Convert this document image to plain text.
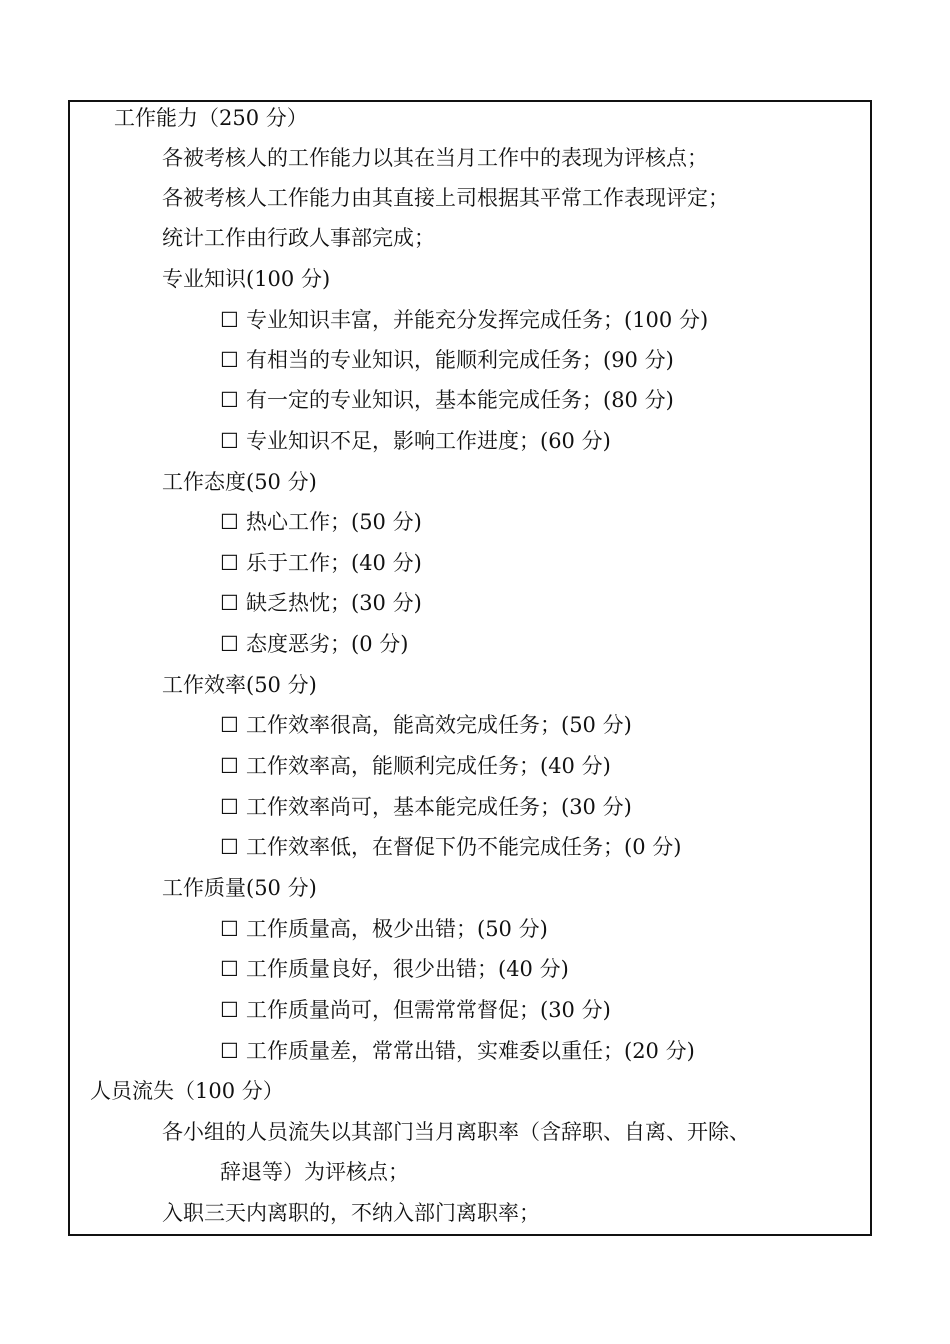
工作能力（250 分）
各被考核人的工作能力以其在当月工作中的表现为评核点；
各被考核人工作能力由其直接上司根据其平常工作表现评定；
统计工作由行政人事部完成；
专业知识(100 分)
☐ 专业知识丰富，并能充分发挥完成任务；(100 分)
☐ 有相当的专业知识，能顺利完成任务；(90 分)
☐ 有一定的专业知识，基本能完成任务；(80 分)
☐ 专业知识不足，影响工作进度；(60 分)
工作态度(50 分)
☐ 热心工作；(50 分)
☐ 乐于工作；(40 分)
☐ 缺乏热忱；(30 分)
☐ 态度恶劣；(0 分)
工作效率(50 分)
☐ 工作效率很高，能高效完成任务；(50 分)
☐ 工作效率高，能顺利完成任务；(40 分)
☐ 工作效率尚可，基本能完成任务；(30 分)
☐ 工作效率低，在督促下仍不能完成任务；(0 分)
工作质量(50 分)
☐ 工作质量高，极少出错；(50 分)
☐ 工作质量良好，很少出错；(40 分)
☐ 工作质量尚可，但需常常督促；(30 分)
☐ 工作质量差，常常出错，实难委以重任；(20 分)
人员流失（100 分）
各小组的人员流失以其部门当月离职率（含辞职、自离、开除、
辞退等）为评核点；
入职三天内离职的，不纳入部门离职率；
